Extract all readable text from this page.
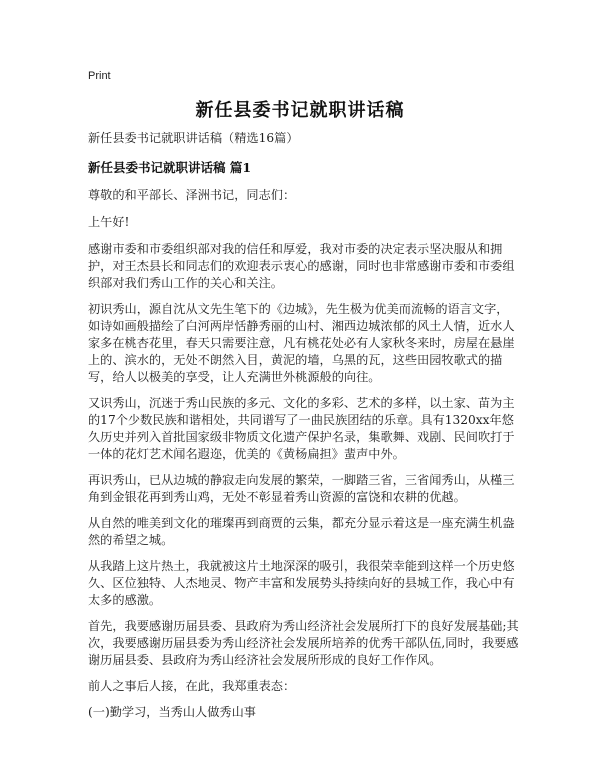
Print
新任县委书记就职讲话稿
新任县委书记就职讲话稿（精选16篇）
新任县委书记就职讲话稿 篇1
尊敬的和平部长、泽洲书记，同志们：
上午好!
感谢市委和市委组织部对我的信任和厚爱，我对市委的决定表示坚决服从和拥护，对王杰县长和同志们的欢迎表示衷心的感谢，同时也非常感谢市委和市委组织部对我们秀山工作的关心和关注。
初识秀山，源自沈从文先生笔下的《边城》，先生极为优美而流畅的语言文字，如诗如画般描绘了白河两岸恬静秀丽的山村、湘西边城浓郁的风土人情，近水人家多在桃杏花里，春天只需要注意，凡有桃花处必有人家秋冬来时，房屋在悬崖上的、滨水的，无处不朗然入目，黄泥的墙，乌黑的瓦，这些田园牧歌式的描写，给人以极美的享受，让人充满世外桃源般的向往。
又识秀山，沉迷于秀山民族的多元、文化的多彩、艺术的多样，以土家、苗为主的17个少数民族和谐相处，共同谱写了一曲民族团结的乐章。具有1320xx年悠久历史并列入首批国家级非物质文化遗产保护名录，集歌舞、戏剧、民间吹打于一体的花灯艺术闻名遐迩，优美的《黄杨扁担》蜚声中外。
再识秀山，已从边城的静寂走向发展的繁荣，一脚踏三省，三省闻秀山，从槿三角到金银花再到秀山鸡，无处不彰显着秀山资源的富饶和农耕的优越。
从自然的唯美到文化的璀璨再到商贾的云集，都充分显示着这是一座充满生机盎然的希望之城。
从我踏上这片热土，我就被这片土地深深的吸引，我很荣幸能到这样一个历史悠久、区位独特、人杰地灵、物产丰富和发展势头持续向好的县城工作，我心中有太多的感激。
首先，我要感谢历届县委、县政府为秀山经济社会发展所打下的良好发展基础;其次，我要感谢历届县委为秀山经济社会发展所培养的优秀干部队伍,同时，我要感谢历届县委、县政府为秀山经济社会发展所形成的良好工作作风。
前人之事后人接，在此，我郑重表态：
(一)勤学习，当秀山人做秀山事
